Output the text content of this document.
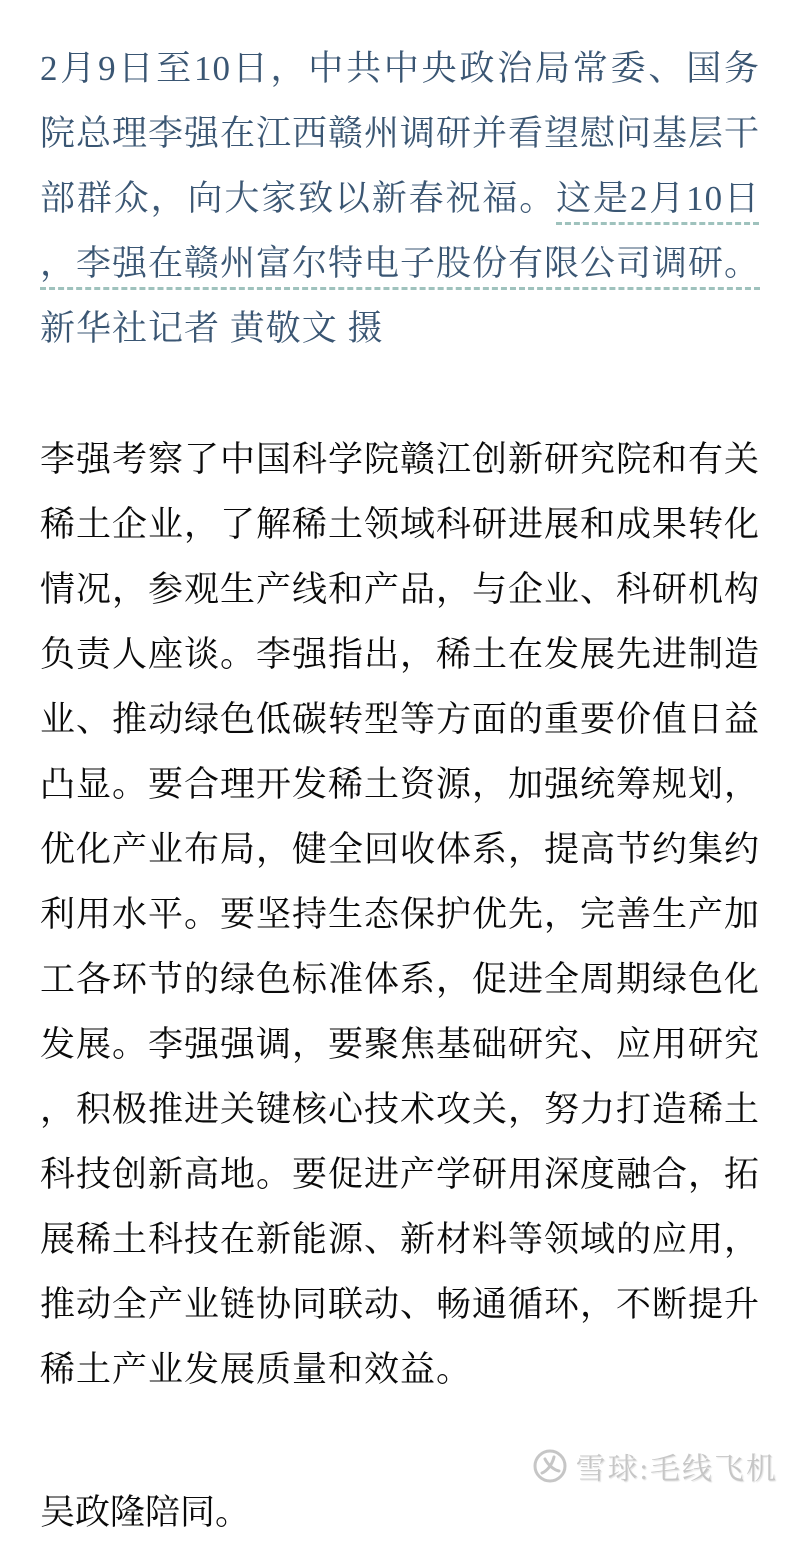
2月9日至10日，中共中央政治局常委、国务院总理李强在江西赣州调研并看望慰问基层干部群众，向大家致以新春祝福。这是2月10日，李强在赣州富尔特电子股份有限公司调研。新华社记者 黄敬文 摄

李强考察了中国科学院赣江创新研究院和有关稀土企业，了解稀土领域科研进展和成果转化情况，参观生产线和产品，与企业、科研机构负责人座谈。李强指出，稀土在发展先进制造业、推动绿色低碳转型等方面的重要价值日益凸显。要合理开发稀土资源，加强统筹规划，优化产业布局，健全回收体系，提高节约集约利用水平。要坚持生态保护优先，完善生产加工各环节的绿色标准体系，促进全周期绿色化发展。李强强调，要聚焦基础研究、应用研究，积极推进关键核心技术攻关，努力打造稀土科技创新高地。要促进产学研用深度融合，拓展稀土科技在新能源、新材料等领域的应用，推动全产业链协同联动、畅通循环，不断提升稀土产业发展质量和效益。

吴政隆陪同。

雪球:毛线飞机
